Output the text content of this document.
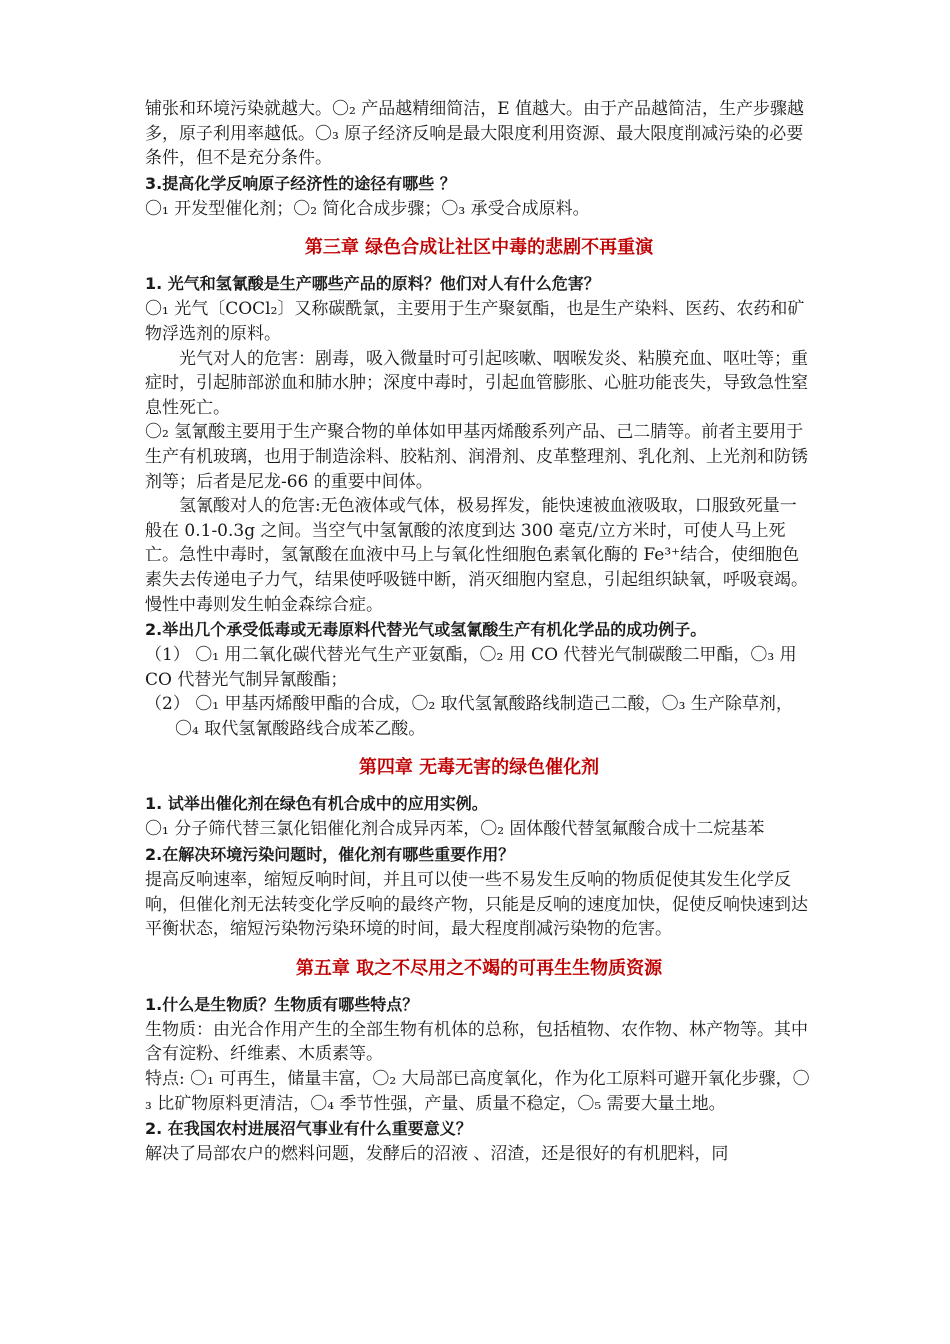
铺张和环境污染就越大。〇₂ 产品越精细简洁，E 值越大。由于产品越简洁，生产步骤越多，原子利用率越低。〇₃ 原子经济反响是最大限度利用资源、最大限度削减污染的必要条件，但不是充分条件。

3.提高化学反响原子经济性的途径有哪些 ？

〇₁ 开发型催化剂；〇₂ 简化合成步骤；〇₃ 承受合成原料。

第三章 绿色合成让社区中毒的悲剧不再重演

1. 光气和氢氰酸是生产哪些产品的原料？他们对人有什么危害？

〇₁ 光气〔COCl₂〕又称碳酰氯，主要用于生产聚氨酯，也是生产染料、医药、农药和矿物浮选剂的原料。

光气对人的危害：剧毒，吸入微量时可引起咳嗽、咽喉发炎、粘膜充血、呕吐等；重症时，引起肺部淤血和肺水肿；深度中毒时，引起血管膨胀、心脏功能丧失，导致急性窒息性死亡。

〇₂ 氢氰酸主要用于生产聚合物的单体如甲基丙烯酸系列产品、己二腈等。前者主要用于生产有机玻璃，也用于制造涂料、胶粘剂、润滑剂、皮革整理剂、乳化剂、上光剂和防锈剂等；后者是尼龙-66 的重要中间体。

氢氰酸对人的危害:无色液体或气体，极易挥发，能快速被血液吸取，口服致死量一般在 0.1-0.3g 之间。当空气中氢氰酸的浓度到达 300 毫克/立方米时，可使人马上死亡。急性中毒时，氢氰酸在血液中马上与氧化性细胞色素氧化酶的 Fe³⁺结合，使细胞色素失去传递电子力气，结果使呼吸链中断，消灭细胞内窒息，引起组织缺氧，呼吸衰竭。慢性中毒则发生帕金森综合症。

2.举出几个承受低毒或无毒原料代替光气或氢氰酸生产有机化学品的成功例子。

（1） 〇₁ 用二氧化碳代替光气生产亚氨酯，〇₂ 用 CO 代替光气制碳酸二甲酯，〇₃ 用

CO 代替光气制异氰酸酯；

（2） 〇₁ 甲基丙烯酸甲酯的合成，〇₂ 取代氢氰酸路线制造己二酸，〇₃ 生产除草剂，

〇₄ 取代氢氰酸路线合成苯乙酸。

第四章 无毒无害的绿色催化剂

1. 试举出催化剂在绿色有机合成中的应用实例。

〇₁ 分子筛代替三氯化铝催化剂合成异丙苯，〇₂ 固体酸代替氢氟酸合成十二烷基苯

2.在解决环境污染问题时，催化剂有哪些重要作用？

提高反响速率，缩短反响时间，并且可以使一些不易发生反响的物质促使其发生化学反响，但催化剂无法转变化学反响的最终产物，只能是反响的速度加快，促使反响快速到达平衡状态，缩短污染物污染环境的时间，最大程度削减污染物的危害。

第五章 取之不尽用之不竭的可再生生物质资源

1.什么是生物质？生物质有哪些特点？

生物质：由光合作用产生的全部生物有机体的总称，包括植物、农作物、林产物等。其中含有淀粉、纤维素、木质素等。

特点: 〇₁ 可再生，储量丰富，〇₂ 大局部已高度氧化，作为化工原料可避开氧化步骤，〇₃ 比矿物原料更清洁，〇₄ 季节性强，产量、质量不稳定，〇₅ 需要大量土地。

2. 在我国农村进展沼气事业有什么重要意义？

解决了局部农户的燃料问题，发酵后的沼液 、沼渣，还是很好的有机肥料，同
